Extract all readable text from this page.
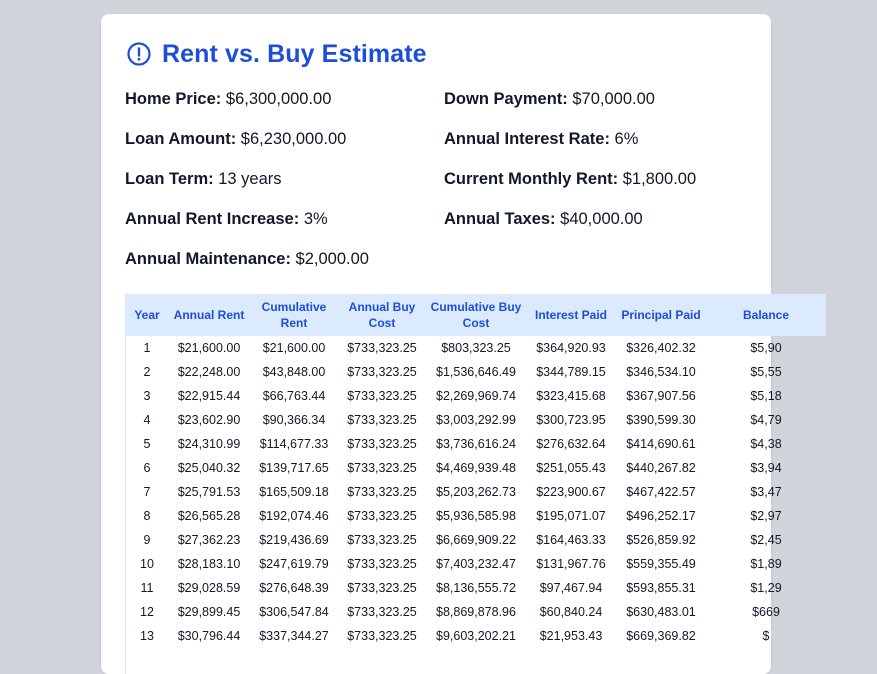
Rent vs. Buy Estimate
Home Price: $6,300,000.00	Down Payment: $70,000.00
Loan Amount: $6,230,000.00	Annual Interest Rate: 6%
Loan Term: 13 years	Current Monthly Rent: $1,800.00
Annual Rent Increase: 3%	Annual Taxes: $40,000.00
Annual Maintenance: $2,000.00
Year	Annual Rent	Cumulative Rent	Annual Buy Cost	Cumulative Buy Cost	Interest Paid	Principal Paid	Balance
1	$21,600.00	$21,600.00	$733,323.25	$803,323.25	$364,920.93	$326,402.32	$5,90
2	$22,248.00	$43,848.00	$733,323.25	$1,536,646.49	$344,789.15	$346,534.10	$5,55
3	$22,915.44	$66,763.44	$733,323.25	$2,269,969.74	$323,415.68	$367,907.56	$5,18
4	$23,602.90	$90,366.34	$733,323.25	$3,003,292.99	$300,723.95	$390,599.30	$4,79
5	$24,310.99	$114,677.33	$733,323.25	$3,736,616.24	$276,632.64	$414,690.61	$4,38
6	$25,040.32	$139,717.65	$733,323.25	$4,469,939.48	$251,055.43	$440,267.82	$3,94
7	$25,791.53	$165,509.18	$733,323.25	$5,203,262.73	$223,900.67	$467,422.57	$3,47
8	$26,565.28	$192,074.46	$733,323.25	$5,936,585.98	$195,071.07	$496,252.17	$2,97
9	$27,362.23	$219,436.69	$733,323.25	$6,669,909.22	$164,463.33	$526,859.92	$2,45
10	$28,183.10	$247,619.79	$733,323.25	$7,403,232.47	$131,967.76	$559,355.49	$1,89
11	$29,028.59	$276,648.39	$733,323.25	$8,136,555.72	$97,467.94	$593,855.31	$1,29
12	$29,899.45	$306,547.84	$733,323.25	$8,869,878.96	$60,840.24	$630,483.01	$669
13	$30,796.44	$337,344.27	$733,323.25	$9,603,202.21	$21,953.43	$669,369.82	$
